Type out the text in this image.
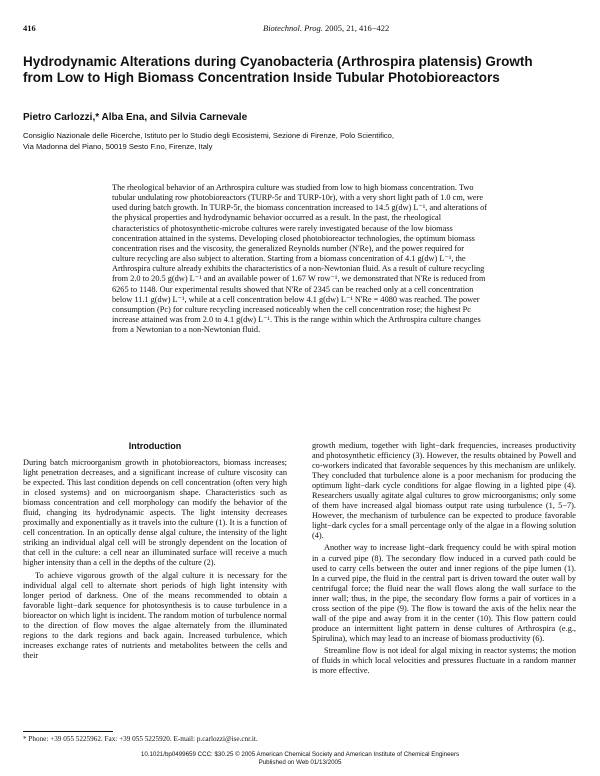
416	Biotechnol. Prog. 2005, 21, 416−422
Hydrodynamic Alterations during Cyanobacteria (Arthrospira platensis) Growth from Low to High Biomass Concentration Inside Tubular Photobioreactors
Pietro Carlozzi,* Alba Ena, and Silvia Carnevale
Consiglio Nazionale delle Ricerche, Istituto per lo Studio degli Ecosistemi, Sezione di Firenze, Polo Scientifico,
Via Madonna del Piano, 50019 Sesto F.no, Firenze, Italy

The rheological behavior of an Arthrospira culture was studied from low to high biomass concentration. Two tubular undulating row photobioreactors (TURP-5r and TURP-10r), with a very short light path of 1.0 cm, were used during batch growth. In TURP-5r, the biomass concentration increased to 14.5 g(dw) L⁻¹, and alterations of the physical properties and hydrodynamic behavior occurred as a result. In the past, the rheological characteristics of photosynthetic-microbe cultures were rarely investigated because of the low biomass concentration attained in the systems. Developing closed photobioreactor technologies, the optimum biomass concentration rises and the viscosity, the generalized Reynolds number (N'Re), and the power required for culture recycling are also subject to alteration. Starting from a biomass concentration of 4.1 g(dw) L⁻¹, the Arthrospira culture already exhibits the characteristics of a non-Newtonian fluid. As a result of culture recycling from 2.0 to 20.5 g(dw) L⁻¹ and an available power of 1.67 W row⁻¹, we demonstrated that N'Re is reduced from 6265 to 1148. Our experimental results showed that N'Re of 2345 can be reached only at a cell concentration below 11.1 g(dw) L⁻¹, while at a cell concentration below 4.1 g(dw) L⁻¹ N'Re = 4080 was reached. The power consumption (Pc) for culture recycling increased noticeably when the cell concentration rose; the highest Pc increase attained was from 2.0 to 4.1 g(dw) L⁻¹. This is the range within which the Arthrospira culture changes from a Newtonian to a non-Newtonian fluid.

Introduction

During batch microorganism growth in photobioreactors, biomass increases; light penetration decreases, and a significant increase of culture viscosity can be expected. This last condition depends on cell concentration (often very high in closed systems) and on microorganism shape. Characteristics such as biomass concentration and cell morphology can modify the behavior of the fluid, changing its hydrodynamic aspects. The light intensity decreases proximally and exponentially as it travels into the culture (1). It is a function of cell concentration. In an optically dense algal culture, the intensity of the light striking an individual algal cell will be strongly dependent on the location of that cell in the culture: a cell near an illuminated surface will receive a much higher intensity than a cell in the depths of the culture (2).

To achieve vigorous growth of the algal culture it is necessary for the individual algal cell to alternate short periods of high light intensity with longer period of darkness. One of the means recommended to obtain a favorable light−dark sequence for photosynthesis is to cause turbulence in a bioreactor on which light is incident. The random motion of turbulence normal to the direction of flow moves the algae alternately from the illuminated regions to the dark regions and back again. Increased turbulence, which increases exchange rates of nutrients and metabolites between the cells and their

growth medium, together with light−dark frequencies, increases productivity and photosynthetic efficiency (3). However, the results obtained by Powell and co-workers indicated that favorable sequences by this mechanism are unlikely. They concluded that turbulence alone is a poor mechanism for producing the optimum light−dark cycle conditions for algae flowing in a lighted pipe (4). Researchers usually agitate algal cultures to grow microorganisms; only some of them have increased algal biomass output rate using turbulence (1, 5−7). However, the mechanism of turbulence can be expected to produce favorable light−dark cycles for a small percentage only of the algae in a flowing solution (4).

Another way to increase light−dark frequency could be with spiral motion in a curved pipe (8). The secondary flow induced in a curved path could be used to carry cells between the outer and inner regions of the pipe lumen (1). In a curved pipe, the fluid in the central part is driven toward the outer wall by centrifugal force; the fluid near the wall flows along the wall surface to the inner wall; thus, in the pipe, the secondary flow forms a pair of vortices in a cross section of the pipe (9). The flow is toward the axis of the helix near the wall of the pipe and away from it in the center (10). This flow pattern could produce an intermittent light pattern in dense cultures of Arthrospira (e.g., Spirulina), which may lead to an increase of biomass productivity (6).

Streamline flow is not ideal for algal mixing in reactor systems; the motion of fluids in which local velocities and pressures fluctuate in a random manner is more effective.

* Phone: +39 055 5225962. Fax: +39 055 5225920. E-mail: p.carlozzi@ise.cnr.it.
10.1021/bp0499659 CCC: $30.25 © 2005 American Chemical Society and American Institute of Chemical Engineers
Published on Web 01/13/2005
